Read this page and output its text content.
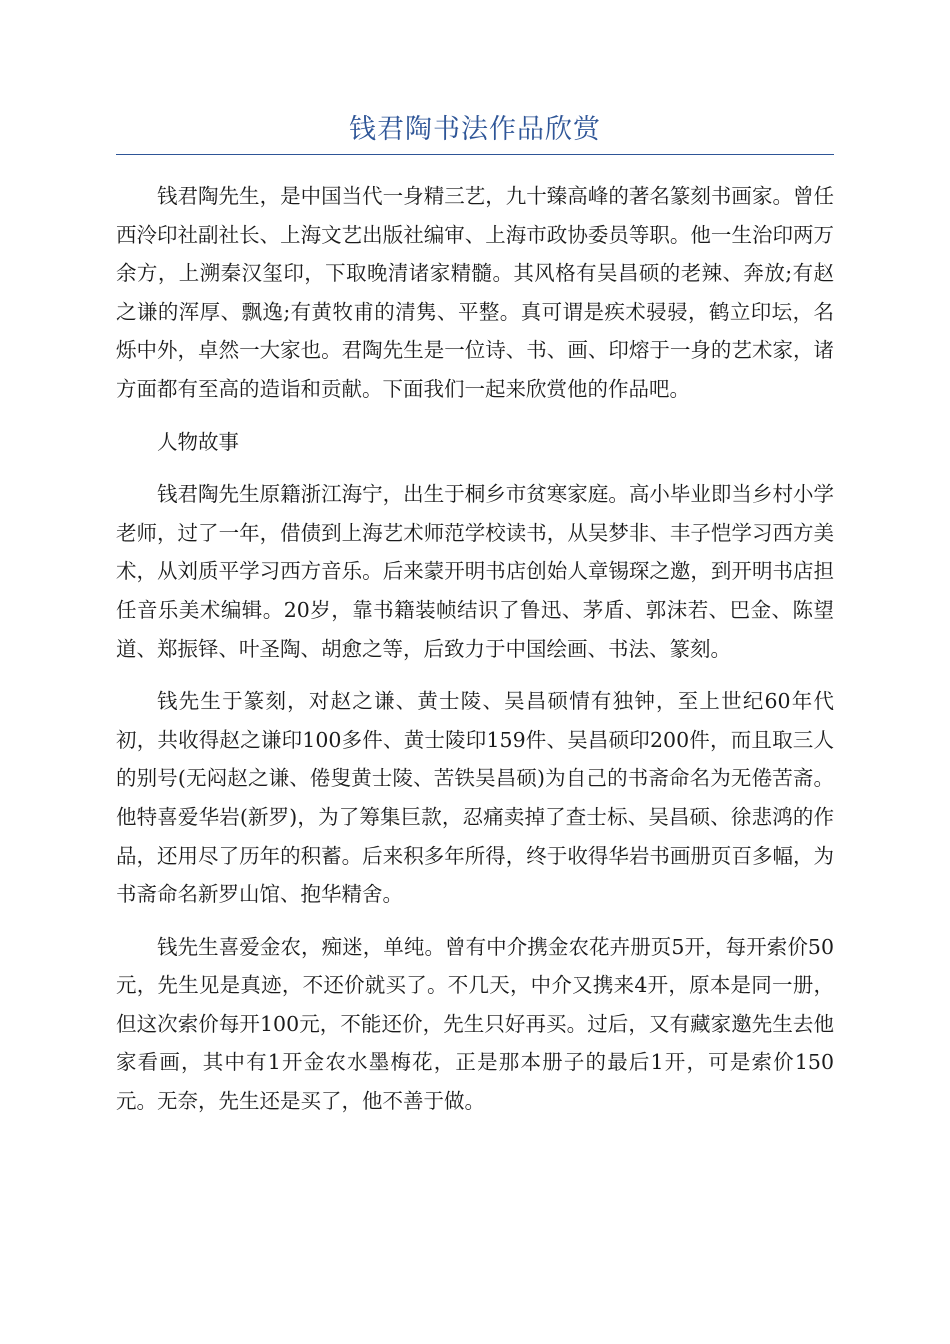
钱君陶书法作品欣赏

钱君陶先生，是中国当代一身精三艺，九十臻高峰的著名篆刻书画家。曾任西泠印社副社长、上海文艺出版社编审、上海市政协委员等职。他一生治印两万余方，上溯秦汉玺印，下取晚清诸家精髓。其风格有吴昌硕的老辣、奔放;有赵之谦的浑厚、飘逸;有黄牧甫的清隽、平整。真可谓是疾术骎骎，鹤立印坛，名烁中外，卓然一大家也。君陶先生是一位诗、书、画、印熔于一身的艺术家，诸方面都有至高的造诣和贡献。下面我们一起来欣赏他的作品吧。

人物故事

钱君陶先生原籍浙江海宁，出生于桐乡市贫寒家庭。高小毕业即当乡村小学老师，过了一年，借债到上海艺术师范学校读书，从吴梦非、丰子恺学习西方美术，从刘质平学习西方音乐。后来蒙开明书店创始人章锡琛之邀，到开明书店担任音乐美术编辑。20岁，靠书籍装帧结识了鲁迅、茅盾、郭沫若、巴金、陈望道、郑振铎、叶圣陶、胡愈之等，后致力于中国绘画、书法、篆刻。

钱先生于篆刻，对赵之谦、黄士陵、吴昌硕情有独钟，至上世纪60年代初，共收得赵之谦印100多件、黄士陵印159件、吴昌硕印200件，而且取三人的别号(无闷赵之谦、倦叟黄士陵、苦铁吴昌硕)为自己的书斋命名为无倦苦斋。他特喜爱华岩(新罗)，为了筹集巨款，忍痛卖掉了查士标、吴昌硕、徐悲鸿的作品，还用尽了历年的积蓄。后来积多年所得，终于收得华岩书画册页百多幅，为书斋命名新罗山馆、抱华精舍。

钱先生喜爱金农，痴迷，单纯。曾有中介携金农花卉册页5开，每开索价50元，先生见是真迹，不还价就买了。不几天，中介又携来4开，原本是同一册，但这次索价每开100元，不能还价，先生只好再买。过后，又有藏家邀先生去他家看画，其中有1开金农水墨梅花，正是那本册子的最后1开，可是索价150元。无奈，先生还是买了，他不善于做。
